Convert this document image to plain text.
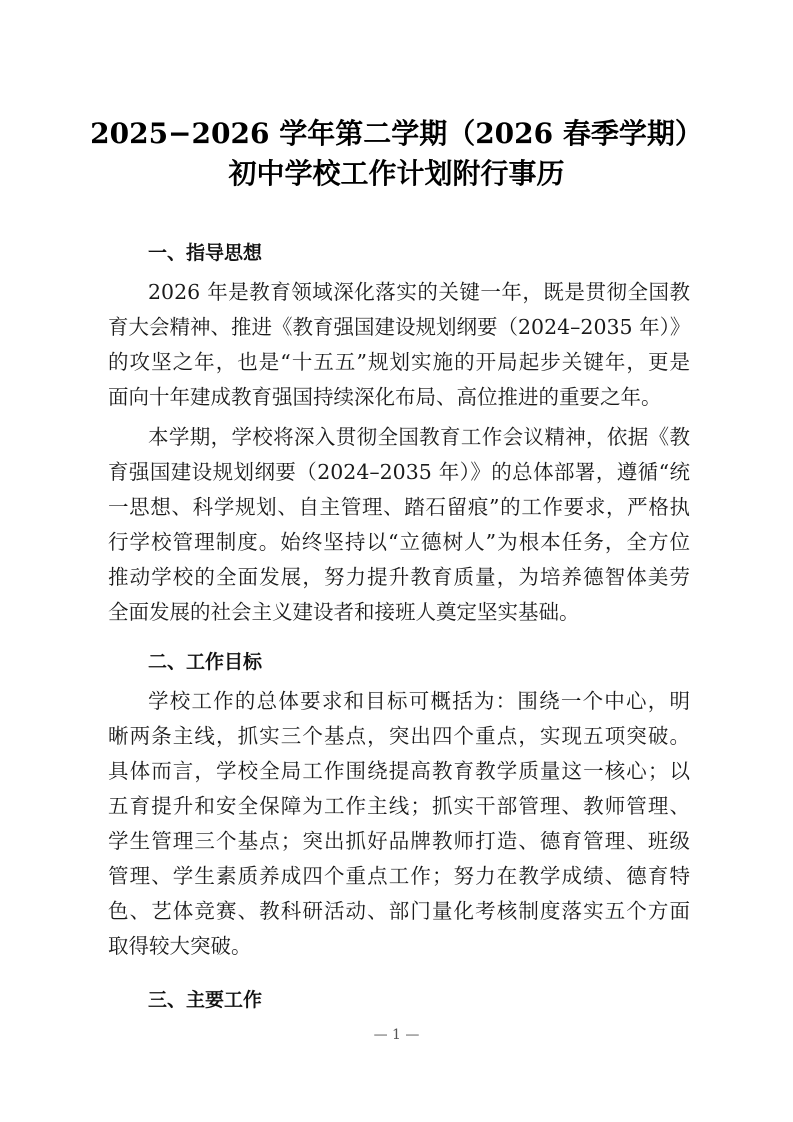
2025−2026 学年第二学期（2026 春季学期）
初中学校工作计划附行事历
一、指导思想
2026 年是教育领域深化落实的关键一年，既是贯彻全国教
育大会精神、推进《教育强国建设规划纲要（2024–2035 年）》
的攻坚之年，也是“十五五”规划实施的开局起步关键年，更是
面向十年建成教育强国持续深化布局、高位推进的重要之年。
本学期，学校将深入贯彻全国教育工作会议精神，依据《教
育强国建设规划纲要（2024–2035 年）》的总体部署，遵循“统
一思想、科学规划、自主管理、踏石留痕”的工作要求，严格执
行学校管理制度。始终坚持以“立德树人”为根本任务，全方位
推动学校的全面发展，努力提升教育质量，为培养德智体美劳
全面发展的社会主义建设者和接班人奠定坚实基础。
二、工作目标
学校工作的总体要求和目标可概括为：围绕一个中心，明
晰两条主线，抓实三个基点，突出四个重点，实现五项突破。
具体而言，学校全局工作围绕提高教育教学质量这一核心；以
五育提升和安全保障为工作主线；抓实干部管理、教师管理、
学生管理三个基点；突出抓好品牌教师打造、德育管理、班级
管理、学生素质养成四个重点工作；努力在教学成绩、德育特
色、艺体竞赛、教科研活动、部门量化考核制度落实五个方面
取得较大突破。
三、主要工作
— 1 —
